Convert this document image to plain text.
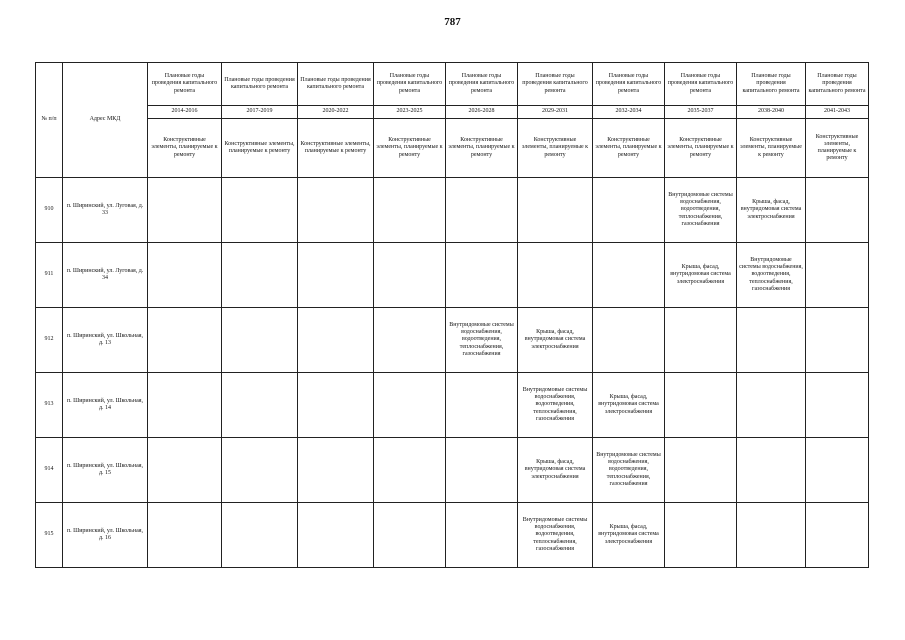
787
№ п/п	Адрес МКД	Плановые годы проведения капитального ремонта	Плановые годы проведения капитального ремонта	Плановые годы проведения капитального ремонта	Плановые годы проведения капитального ремонта	Плановые годы проведения капитального ремонта	Плановые годы проведения капитального ремонта	Плановые годы проведения капитального ремонта	Плановые годы проведения капитального ремонта	Плановые годы проведения капитального ремонта	Плановые годы проведения капитального ремонта
		2014-2016	2017-2019	2020-2022	2023-2025	2026-2028	2029-2031	2032-2034	2035-2037	2038-2040	2041-2043
		Конструктивные элементы, планируемые к ремонту	Конструктивные элементы, планируемые к ремонту	Конструктивные элементы, планируемые к ремонту	Конструктивные элементы, планируемые к ремонту	Конструктивные элементы, планируемые к ремонту	Конструктивные элементы, планируемые к ремонту	Конструктивные элементы, планируемые к ремонту	Конструктивные элементы, планируемые к ремонту	Конструктивные элементы, планируемые к ремонту	Конструктивные элементы, планируемые к ремонту
910	п. Шиpинский, ул. Луговая, д. 33								Внутридомовые системы водоснабжения, водоотведения, теплоснабжения, газоснабжения	Крыша, фасад, внутридомовая система электроснабжения	
911	п. Шиpинский, ул. Луговая, д. 34								Крыша, фасад, внутридомовая система электроснабжения	Внутридомовые системы водоснабжения, водоотведения, теплоснабжения, газоснабжения	
912	п. Шиpинский, ул. Школьная, д. 13					Внутридомовые системы водоснабжения, водоотведения, теплоснабжения, газоснабжения	Крыша, фасад, внутридомовая система электроснабжения				
913	п. Шиpинский, ул. Школьная, д. 14						Внутридомовые системы водоснабжения, водоотведения, теплоснабжения, газоснабжения	Крыша, фасад, внутридомовая система электроснабжения			
914	п. Шиpинский, ул. Школьная, д. 15						Крыша, фасад, внутридомовая система электроснабжения	Внутридомовые системы водоснабжения, водоотведения, теплоснабжения, газоснабжения			
915	п. Шиpинский, ул. Школьная, д. 16						Внутридомовые системы водоснабжения, водоотведения, теплоснабжения, газоснабжения	Крыша, фасад, внутридомовая система электроснабжения			
